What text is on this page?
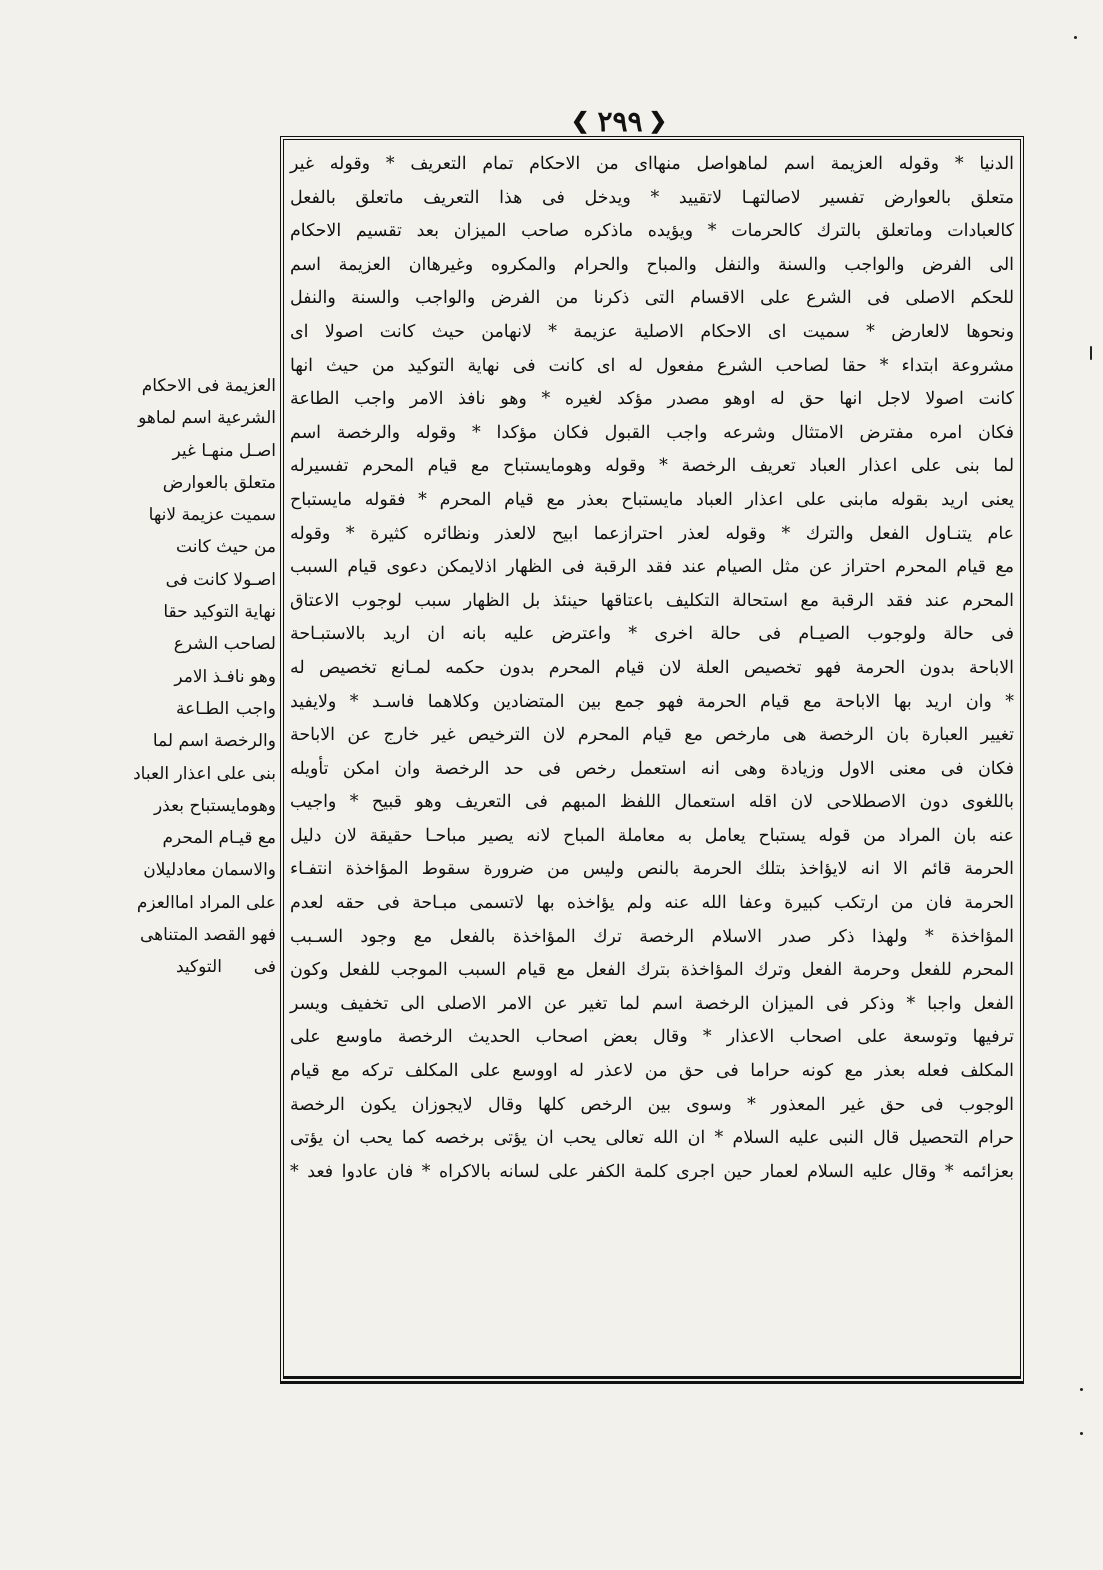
❮ ٢٩٩ ❯
الدنيا * وقوله العزيمة اسم لماهواصل منهااى من الاحكام تمام التعريف * وقوله غير
متعلق بالعوارض تفسير لاصالتهـا لاتقييد * ويدخل فى هذا التعريف ماتعلق بالفعل
كالعبادات وماتعلق بالترك كالحرمات * ويؤيده ماذكره صاحب الميزان بعد تقسيم الاحكام
الى الفرض والواجب والسنة والنفل والمباح والحرام والمكروه وغيرهاان العزيمة اسم
للحكم الاصلى فى الشرع على الاقسام التى ذكرنا من الفرض والواجب والسنة والنفل
ونحوها لالعارض * سميت اى الاحكام الاصلية عزيمة * لانهامن حيث كانت اصولا اى
مشروعة ابتداء * حقا لصاحب الشرع مفعول له اى كانت فى نهاية التوكيد من حيث انها
كانت اصولا لاجل انها حق له اوهو مصدر مؤكد لغيره * وهو نافذ الامر واجب الطاعة
فكان امره مفترض الامتثال وشرعه واجب القبول فكان مؤكدا * وقوله والرخصة اسم
لما بنى على اعذار العباد تعريف الرخصة * وقوله وهومايستباح مع قيام المحرم تفسيرله
يعنى اريد بقوله مابنى على اعذار العباد مايستباح بعذر مع قيام المحرم * فقوله مايستباح
عام يتنـاول الفعل والترك * وقوله لعذر احترازعما ابيح لالعذر ونظائره كثيرة * وقوله
مع قيام المحرم احتراز عن مثل الصيام عند فقد الرقبة فى الظهار اذلايمكن دعوى قيام السبب
المحرم عند فقد الرقبة مع استحالة التكليف باعتاقها حينئذ بل الظهار سبب لوجوب الاعتاق
فى حالة ولوجوب الصيـام فى حالة اخرى * واعترض عليه بانه ان اريد بالاستبـاحة
الاباحة بدون الحرمة فهو تخصيص العلة لان قيام المحرم بدون حكمه لمـانع تخصيص له
* وان اريد بها الاباحة مع قيام الحرمة فهو جمع بين المتضادين وكلاهما فاسـد * ولايفيد
تغيير العبارة بان الرخصة هى مارخص مع قيام المحرم لان الترخيص غير خارج عن الاباحة
فكان فى معنى الاول وزيادة وهى انه استعمل رخص فى حد الرخصة وان امكن تأويله
باللغوى دون الاصطلاحى لان اقله استعمال اللفظ المبهم فى التعريف وهو قبيح * واجيب
عنه بان المراد من قوله يستباح يعامل به معاملة المباح لانه يصير مباحـا حقيقة لان دليل
الحرمة قائم الا انه لايؤاخذ بتلك الحرمة بالنص وليس من ضرورة سقوط المؤاخذة انتفـاء
الحرمة فان من ارتكب كبيرة وعفا الله عنه ولم يؤاخذه بها لاتسمى مبـاحة فى حقه لعدم
المؤاخذة * ولهذا ذكر صدر الاسلام الرخصة ترك المؤاخذة بالفعل مع وجود السـبب
المحرم للفعل وحرمة الفعل وترك المؤاخذة بترك الفعل مع قيام السبب الموجب للفعل وكون
الفعل واجبا * وذكر فى الميزان الرخصة اسم لما تغير عن الامر الاصلى الى تخفيف ويسر
ترفيها وتوسعة على اصحاب الاعذار * وقال بعض اصحاب الحديث الرخصة ماوسع على
المكلف فعله بعذر مع كونه حراما فى حق من لاعذر له اووسع على المكلف تركه مع قيام
الوجوب فى حق غير المعذور * وسوى بين الرخص كلها وقال لايجوزان يكون الرخصة
حرام التحصيل قال النبى عليه السلام * ان الله تعالى يحب ان يؤتى برخصه كما يحب ان يؤتى
بعزائمه * وقال عليه السلام لعمار حين اجرى كلمة الكفر على لسانه بالاكراه * فان عادوا فعد *
العزيمة فى الاحكام
الشرعية اسم لماهو
اصـل منهـا غير
متعلق بالعوارض
سميت عزيمة لانها
من حيث كانت
اصـولا كانت فى
نهاية التوكيد حقا
لصاحب الشرع
وهو نافـذ الامر
واجب الطـاعة
والرخصة اسم لما
بنى على اعذار العباد
وهومايستباح بعذر
مع قيـام المحرم
والاسمان معادليلان
على المراد اماالعزم
فهو القصد المتناهى
فى التوكيد
